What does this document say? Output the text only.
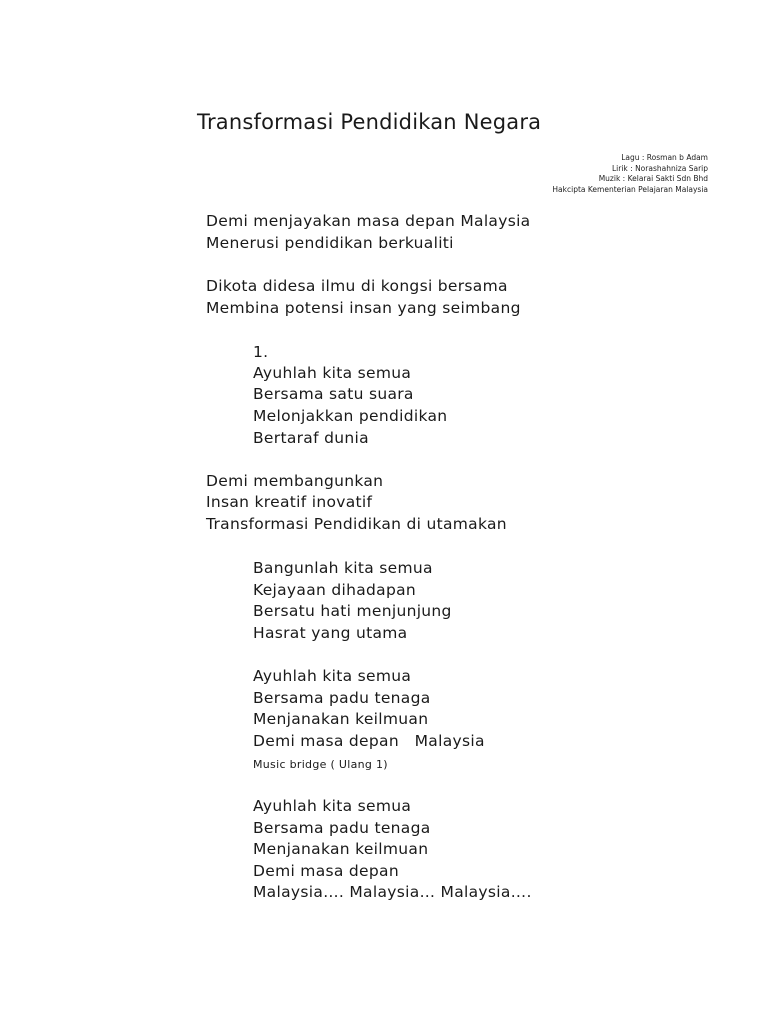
Transformasi Pendidikan Negara
Lagu : Rosman b Adam
Lirik : Norashahniza Sarip
Muzik : Kelarai Sakti Sdn Bhd
Hakcipta Kementerian Pelajaran Malaysia
Demi menjayakan masa depan Malaysia
Menerusi pendidikan berkualiti
Dikota didesa ilmu di kongsi bersama
Membina potensi insan yang seimbang
1.
Ayuhlah kita semua
Bersama satu suara
Melonjakkan pendidikan
Bertaraf dunia
Demi membangunkan
Insan kreatif inovatif
Transformasi Pendidikan di utamakan
Bangunlah kita semua
Kejayaan dihadapan
Bersatu hati menjunjung
Hasrat yang utama
Ayuhlah kita semua
Bersama padu tenaga
Menjanakan keilmuan
Demi masa depan   Malaysia
Music bridge ( Ulang 1)
Ayuhlah kita semua
Bersama padu tenaga
Menjanakan keilmuan
Demi masa depan
Malaysia…. Malaysia… Malaysia….
